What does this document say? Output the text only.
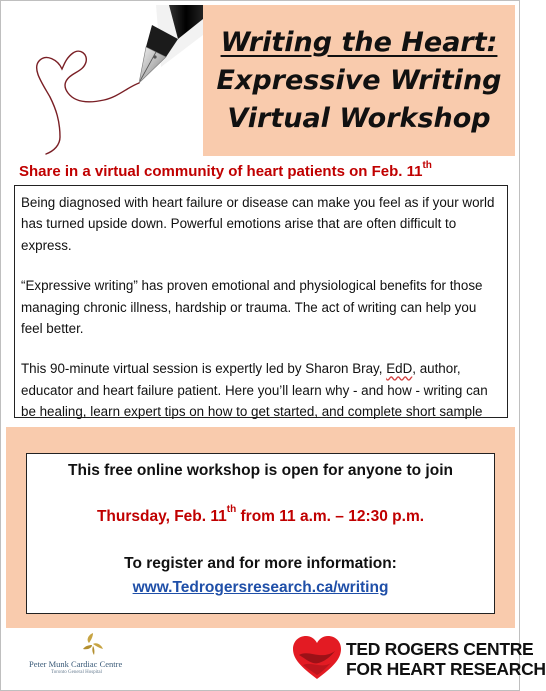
Writing the Heart:
Expressive Writing
Virtual Workshop
Share in a virtual community of heart patients on Feb. 11th

Being diagnosed with heart failure or disease can make you feel as if your world has turned upside down. Powerful emotions arise that are often difficult to express.

“Expressive writing” has proven emotional and physiological benefits for those managing chronic illness, hardship or trauma. The act of writing can help you feel better.

This 90-minute virtual session is expertly led by Sharon Bray, EdD, author, educator and heart failure patient. Here you’ll learn why - and how - writing can be healing, learn expert tips on how to get started, and complete short sample

This free online workshop is open for anyone to join
Thursday, Feb. 11th from 11 a.m. – 12:30 p.m.
To register and for more information:
www.Tedrogersresearch.ca/writing
Peter Munk Cardiac Centre
Toronto General Hospital
TED ROGERS CENTRE
FOR HEART RESEARCH
